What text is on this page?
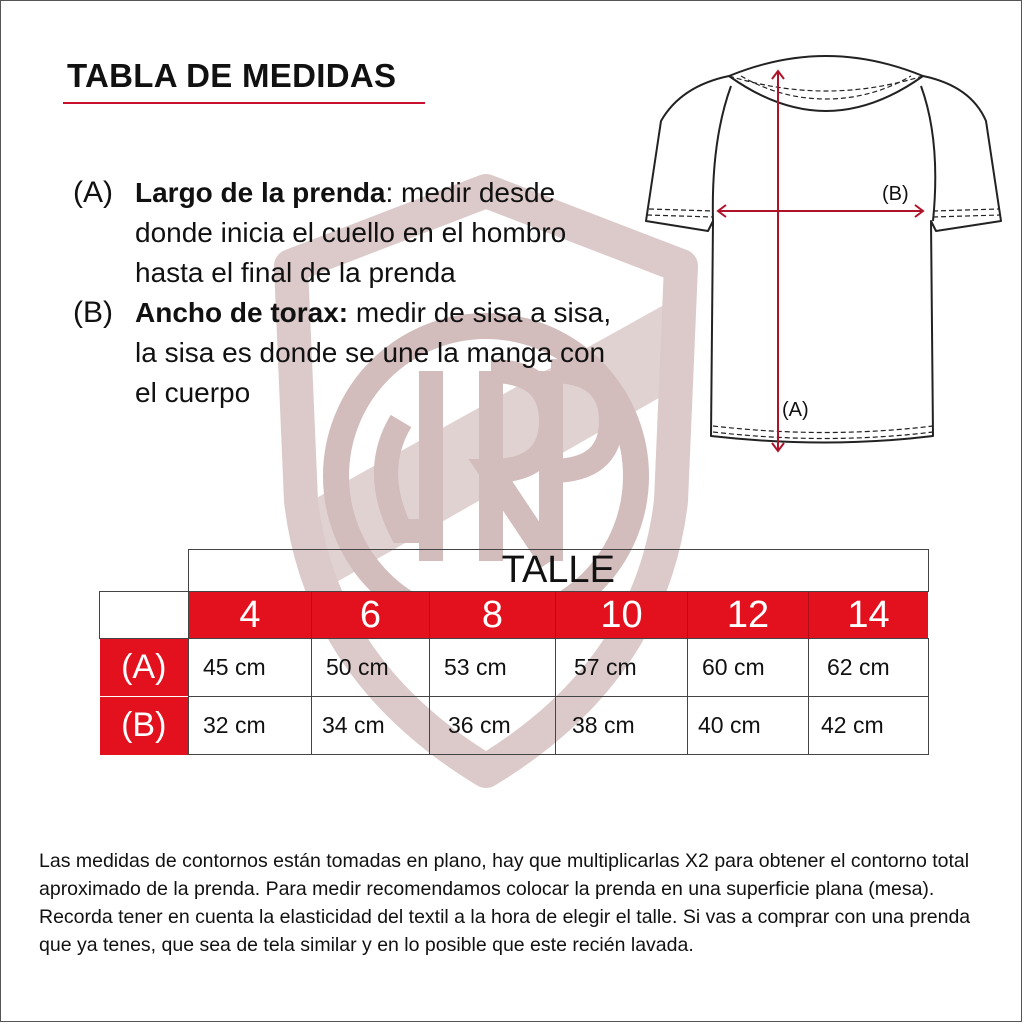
TABLA DE MEDIDAS
(A) Largo de la prenda: medir desde donde inicia el cuello en el hombro hasta el final de la prenda
(B) Ancho de torax: medir de sisa a sisa, la sisa es donde se une la manga con el cuerpo
(B)
(A)
	TALLE					
	4	6	8	10	12	14
(A)	45 cm	50 cm	53 cm	57 cm	60 cm	62 cm
(B)	32 cm	34 cm	36 cm	38 cm	40 cm	42 cm
Las medidas de contornos están tomadas en plano, hay que multiplicarlas X2 para obtener el contorno total aproximado de la prenda. Para medir recomendamos colocar la prenda en una superficie plana (mesa). Recorda tener en cuenta la elasticidad del textil a la hora de elegir el talle. Si vas a comprar con una prenda que ya tenes, que sea de tela similar y en lo posible que este recién lavada.
